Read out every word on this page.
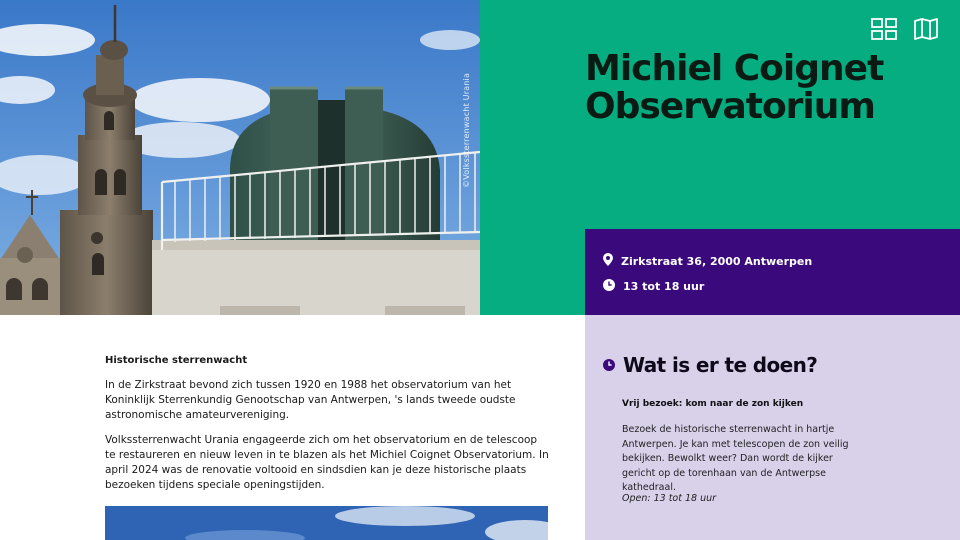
©Volkssterrenwacht Urania
Michiel Coignet
Observatorium
Zirkstraat 36, 2000 Antwerpen
13 tot 18 uur
Historische sterrenwacht

In de Zirkstraat bevond zich tussen 1920 en 1988 het observatorium van het Koninklijk Sterrenkundig Genootschap van Antwerpen, 's lands tweede oudste astronomische amateurvereniging.

Volkssterrenwacht Urania engageerde zich om het observatorium en de telescoop te restaureren en nieuw leven in te blazen als het Michiel Coignet Observatorium. In april 2024 was de renovatie voltooid en sindsdien kan je deze historische plaats bezoeken tijdens speciale openingstijden.

Wat is er te doen?
Vrij bezoek: kom naar de zon kijken
Bezoek de historische sterrenwacht in hartje Antwerpen. Je kan met telescopen de zon veilig bekijken. Bewolkt weer? Dan wordt de kijker gericht op de torenhaan van de Antwerpse kathedraal.
Open: 13 tot 18 uur
